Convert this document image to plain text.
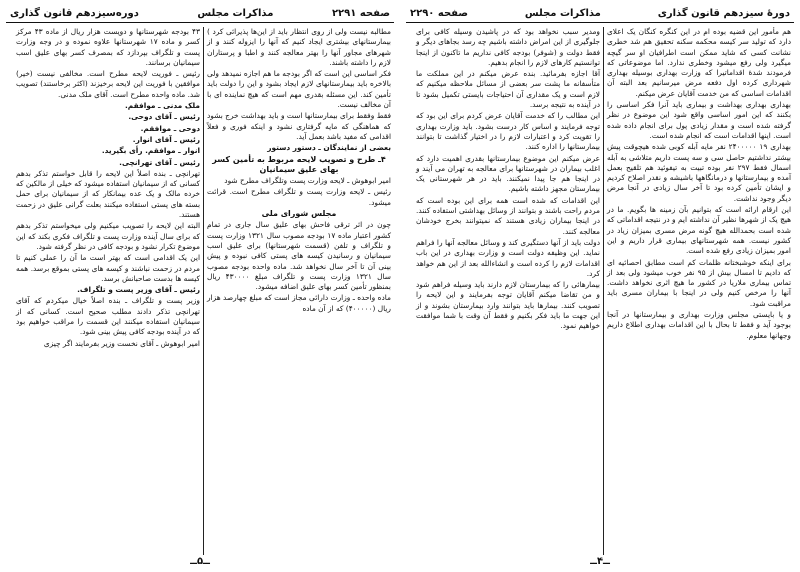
صفحه ۲۲۹۱
مذاکرات مجلس
دوره‌سیزدهم قانون گذاری

مطالبه نیست ولی از روی انتظار باید از این‌ها پذیرائی کرد ) بیمارستانهای بیشتری ایجاد کنیم که آنها را ایزوله کنند و از شهرهای مجاور آنها را بهتر معالجه کنند و اطبا و پرستاران لازم را داشته باشند.

فکر اساسی این است که اگر بودجه ما هم اجازه نمیدهد ولی بالاخره باید بیمارستانهای لازم ایجاد بشود و این را دولت باید تأمین کند. این مسئله بقدری مهم است که هیچ نماینده ای با آن مخالف نیست.

فقط وفقط برای بیمارستانها است و باید بهداشت خرج بشود که هماهنگی که مایه گرفتاری نشود و اینکه فوری و فعلاً اقدامی که مفید باشد بعمل آید.

بعضی از نمایندگان ـ دستور دستور

۴ـ طرح و تصویب لایحه مربوط به تأمین کسر بهای علیق سیمانیان

امیر ابوهوش ـ لایحه وزارت پست وتلگراف مطرح شود

رئیس ـ لایحه وزارت پست و تلگراف مطرح است. قرائت میشود.

مجلس شورای ملی

چون در اثر ترقی فاحش بهای علیق سال جاری در تمام کشور اعتبار ماده ۱۷ بودجه مصوب سال ۱۳۲۱ وزارت پست و تلگراف و تلفن (قسمت شهرستانها) برای علیق اسب سیمانیان و رسانیدن کیسه های پستی کافی نبوده و پیش بینی آن تا آخر سال نخواهد شد. ماده واحده بودجه مصوب سال ۱۳۲۱ وزارت پست و تلگراف مبلغ ۴۳۰۰۰۰ ریال بمنظور تأمین کسر بهای علیق اضافه میشود.

ماده واحده ـ وزارت دارائی مجاز است که مبلغ چهارصد هزار ریال (۴۰۰۰۰۰) که از آن ماده

۴۳ بودجه شهرستانها و دویست هزار ریال از ماده ۴۳ مرکز کسر و ماده ۱۷ شهرستانها علاوه نموده و در وجه وزارت پست و تلگراف بپردازد که بمصرف کسر بهای علیق اسب سیمانیان برسانند.

رئیس ـ فوریت لایحه مطرح است. مخالفی نیست (خیر) موافقین با فوریت این لایحه برخیزند (اکثر برخاستند) تصویب شد. ماده واحده مطرح است. آقای ملک مدنی.

ملک مدنی ـ موافقم.

رئیس ـ آقای دوحی.

دوحی ـ موافقم.

رئیس ـ آقای انوار.

انوار ـ موافقم. رأی بگیرید.

رئیس ـ آقای تهرانچی.

تهرانچی ـ بنده اصلاً این لایحه را قابل خواستم تذکر بدهم کسانی که از سیمانیان استفاده میشود که خیلی از مالکین که خرده مالک و یک عده بیمانکار که از سیمانیان برای حمل بسته های پستی استفاده میکنند بعلت گرانی علیق در زحمت هستند.

البته این لایحه را تصویب میکنیم ولی میخواستم تذکر بدهم که برای سال آینده وزارت پست و تلگراف فکری بکند که این موضوع تکرار نشود و بودجه کافی در نظر گرفته شود.

این یک اقدامی است که بهتر است ما آن را عملی کنیم تا مردم در زحمت نباشند و کیسه های پستی بموقع برسد. همه کیسه ها بدست صاحبانش برسد.

رئیس ـ آقای وزیر پست و تلگراف.

وزیر پست و تلگراف ـ بنده اصلاً خیال میکردم که آقای تهرانچی تذکر دادند مطلب صحیح است. کسانی که از سیمانیان استفاده میکنند این قسمت را مراقب خواهیم بود که در آینده بودجه کافی پیش بینی شود.

امیر ابوهوش ـ آقای نخست وزیر بفرمایند اگر چیزی

ــ۵ــ
دورهٔ سیزدهم قانون گذاری
مذاکرات مجلس
صفحه ۲۲۹۰

هم مأمور این قضیه بوده ام در این کنگره کنگان یک اعلای دارد که تولید سر کیسه محکمه سکنه تحقیق هم شد خطری نشانت کسی که شاید ممکن است اطرافیان او سر گیچه میگیرد ولی رفع میشود وخطری ندارد. اما موضوعاتی که فرمودند شدهٔ اقداماتیرا که وزارت بهداری بوسیله بهداری شهرداری کرده اول دفعه مرض میرسانیم بعد البته آن اقدامات اساسی که من خدمت آقایان عرض میکنم.

بهداری بهداری بهداشت و بیماری باید آنرا فکر اساسی را بکنند که این امور اساسی واقع شود این موضوع در نظر گرفته شده است و مقدار زیادی پول برای انجام داده شده است. اینها اقدامات است که انجام شده است.

بهداری ۱۹ ۲۴۰۰۰۰۰ نفر مایه آبله کوبی شده هیچوقت پیش بیشتر نداشتیم حاصل سی و سه پست داریم متلاشی به آبله اسمال فقط ۲۹۷ نفر بوده تبیت به تیفوئید هم تلقیح بعمل آمده و بیمارستانها و درمانگاهها باشیشه و نقدر اصلاح کردیم و ایشان تأمین کرده بود تا آخر سال زیادی در آنجا مرض دیگر وجود نداشت.

این ارقام ارائه است که بتوانیم بآن زمینه ها بگویم. ما در هیچ یک از شهرها نظیر آن نداشته ایم و در نتیجه اقداماتی که شده است بحمدالله هیچ گونه مرض مسری بمیزان زیاد در کشور نیست. همه شهرستانهای بیماری قرار داریم و این امور بمیزان زیادی رفع شده است.

برای اینکه خوشبختانه ظلمات کم است مطابق احصائیه ای که دادیم تا امسال بیش از ۹۵ نفر خوب میشود ولی بعد از تماس بیماری ملاریا در کشور ما هیچ اثری نخواهد داشت. آنها را مرخص کنیم ولی در اینجا با بیماران مسری باید مراقبت شود.

و یا بایستی مجلس وزارت بهداری و بیمارستانها در آنجا بوجود آید و فقط تا بحال با این اقدامات بهداری اطلاع داریم وجهانها معلوم.

ومدیر سبب نخواهد بود که در پاشیدن وسیله کافی برای جلوگیری از این امراض داشته باشیم چه رسد بجاهای دیگر و فقط دولت و (شوفر) بودجه کافی نداریم ما تاکنون از اینجا توانستیم کارهای لازم را انجام بدهیم.

آقا اجازه بفرمائید. بنده عرض میکنم در این مملکت ما متأسفانه ما پشت سر بعضی از مسائل ملاحظه میکنیم که لازم است و یک مقداری آن احتیاجات بایستی تکمیل بشود تا در آینده به نتیجه برسد.

این مطالب را که خدمت آقایان عرض کردم برای این بود که توجه فرمایند و اساس کار درست بشود. باید وزارت بهداری را تقویت کرد و اعتبارات لازم را در اختیار گذاشت تا بتوانند بیمارستانها را اداره کنند.

عرض میکنم این موضوع بیمارستانها بقدری اهمیت دارد که اغلب بیماران در شهرستانها برای معالجه به تهران می آیند و در اینجا هم جا پیدا نمیکنند. باید در هر شهرستانی یک بیمارستان مجهز داشته باشیم.

این اقدامات که شده است همه برای این بوده است که مردم راحت باشند و بتوانند از وسائل بهداشتی استفاده کنند. در اینجا بیماران زیادی هستند که نمیتوانند بخرج خودشان معالجه کنند.

دولت باید از آنها دستگیری کند و وسائل معالجه آنها را فراهم نماید. این وظیفه دولت است و وزارت بهداری در این باب اقدامات لازم را کرده است و انشاءالله بعد از این هم خواهد کرد.

بیمارهائی را که بیمارستان لازم دارند باید وسیله فراهم شود و من تقاضا میکنم آقایان توجه بفرمایند و این لایحه را تصویب کنند. بیمارها باید بتوانند وارد بیمارستان بشوند و از این جهت ما باید فکر بکنیم و فقط آن وقت با شما موافقت خواهیم نمود.

ــ۴ــ
